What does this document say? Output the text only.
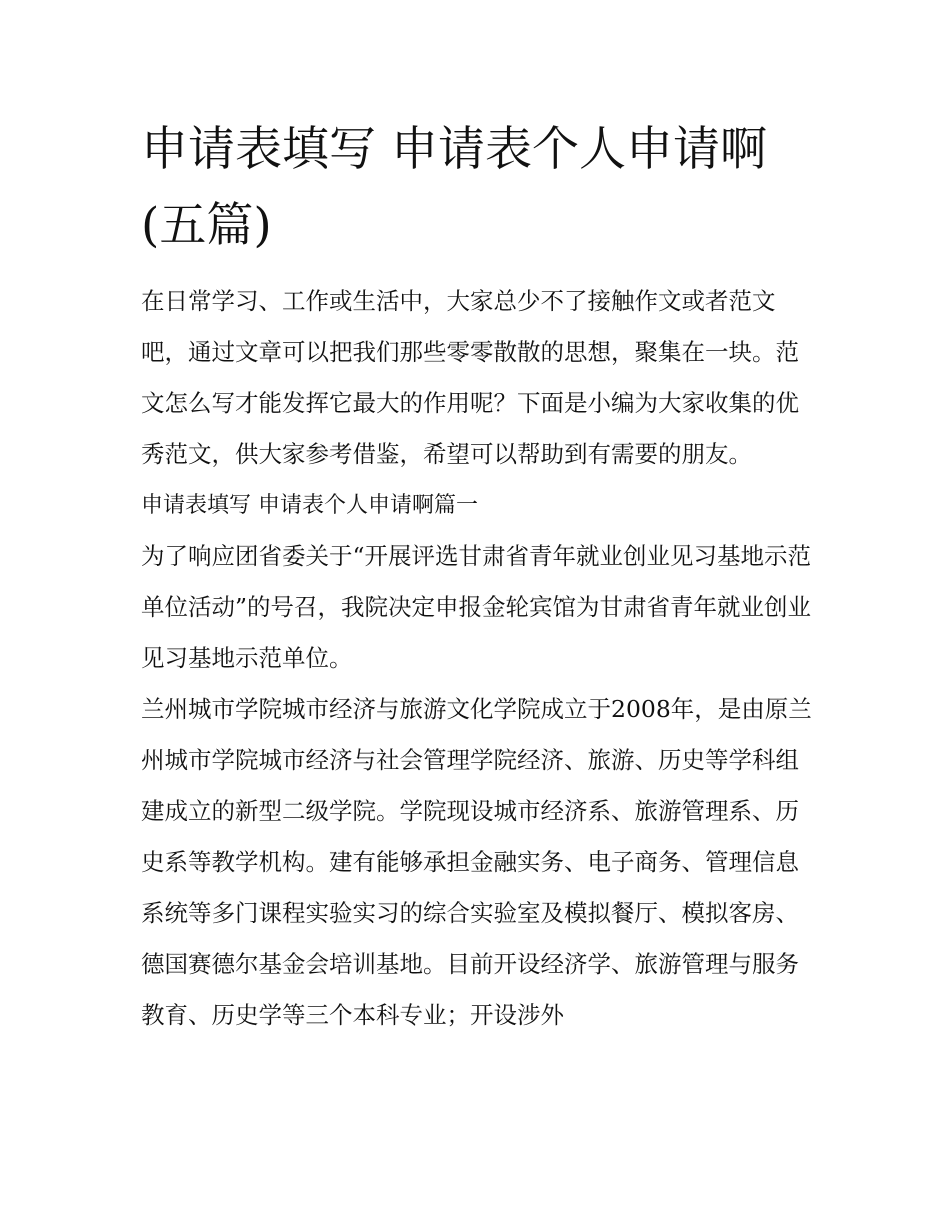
申请表填写 申请表个人申请啊(五篇)

在日常学习、工作或生活中，大家总少不了接触作文或者范文吧，通过文章可以把我们那些零零散散的思想，聚集在一块。范文怎么写才能发挥它最大的作用呢？下面是小编为大家收集的优秀范文，供大家参考借鉴，希望可以帮助到有需要的朋友。

申请表填写 申请表个人申请啊篇一

为了响应团省委关于“开展评选甘肃省青年就业创业见习基地示范单位活动”的号召，我院决定申报金轮宾馆为甘肃省青年就业创业见习基地示范单位。

兰州城市学院城市经济与旅游文化学院成立于2008年，是由原兰州城市学院城市经济与社会管理学院经济、旅游、历史等学科组建成立的新型二级学院。学院现设城市经济系、旅游管理系、历史系等教学机构。建有能够承担金融实务、电子商务、管理信息系统等多门课程实验实习的综合实验室及模拟餐厅、模拟客房、德国赛德尔基金会培训基地。目前开设经济学、旅游管理与服务教育、历史学等三个本科专业；开设涉外
